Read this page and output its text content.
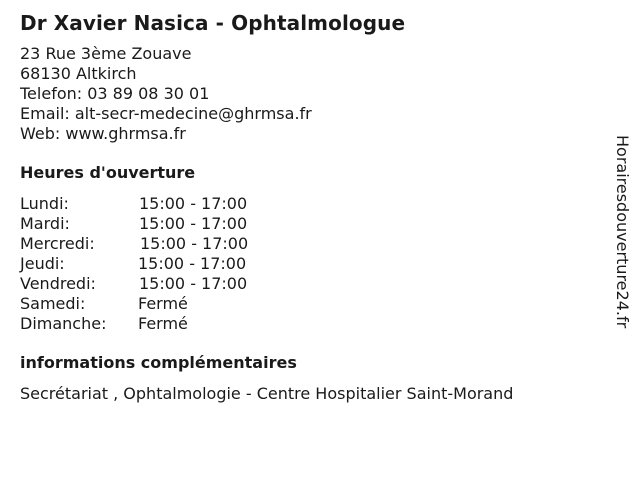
Dr Xavier Nasica - Ophtalmologue
23 Rue 3ème Zouave
68130 Altkirch
Telefon: 03 89 08 30 01
Email: alt-secr-medecine@ghrmsa.fr
Web: www.ghrmsa.fr
Heures d'ouverture
Lundi:	15:00 - 17:00
Mardi:	15:00 - 17:00
Mercredi:	15:00 - 17:00
Jeudi:	15:00 - 17:00
Vendredi:	15:00 - 17:00
Samedi:	Fermé
Dimanche: Fermé
informations complémentaires
Secrétariat , Ophtalmologie - Centre Hospitalier Saint-Morand
Horairesdouverture24.fr
